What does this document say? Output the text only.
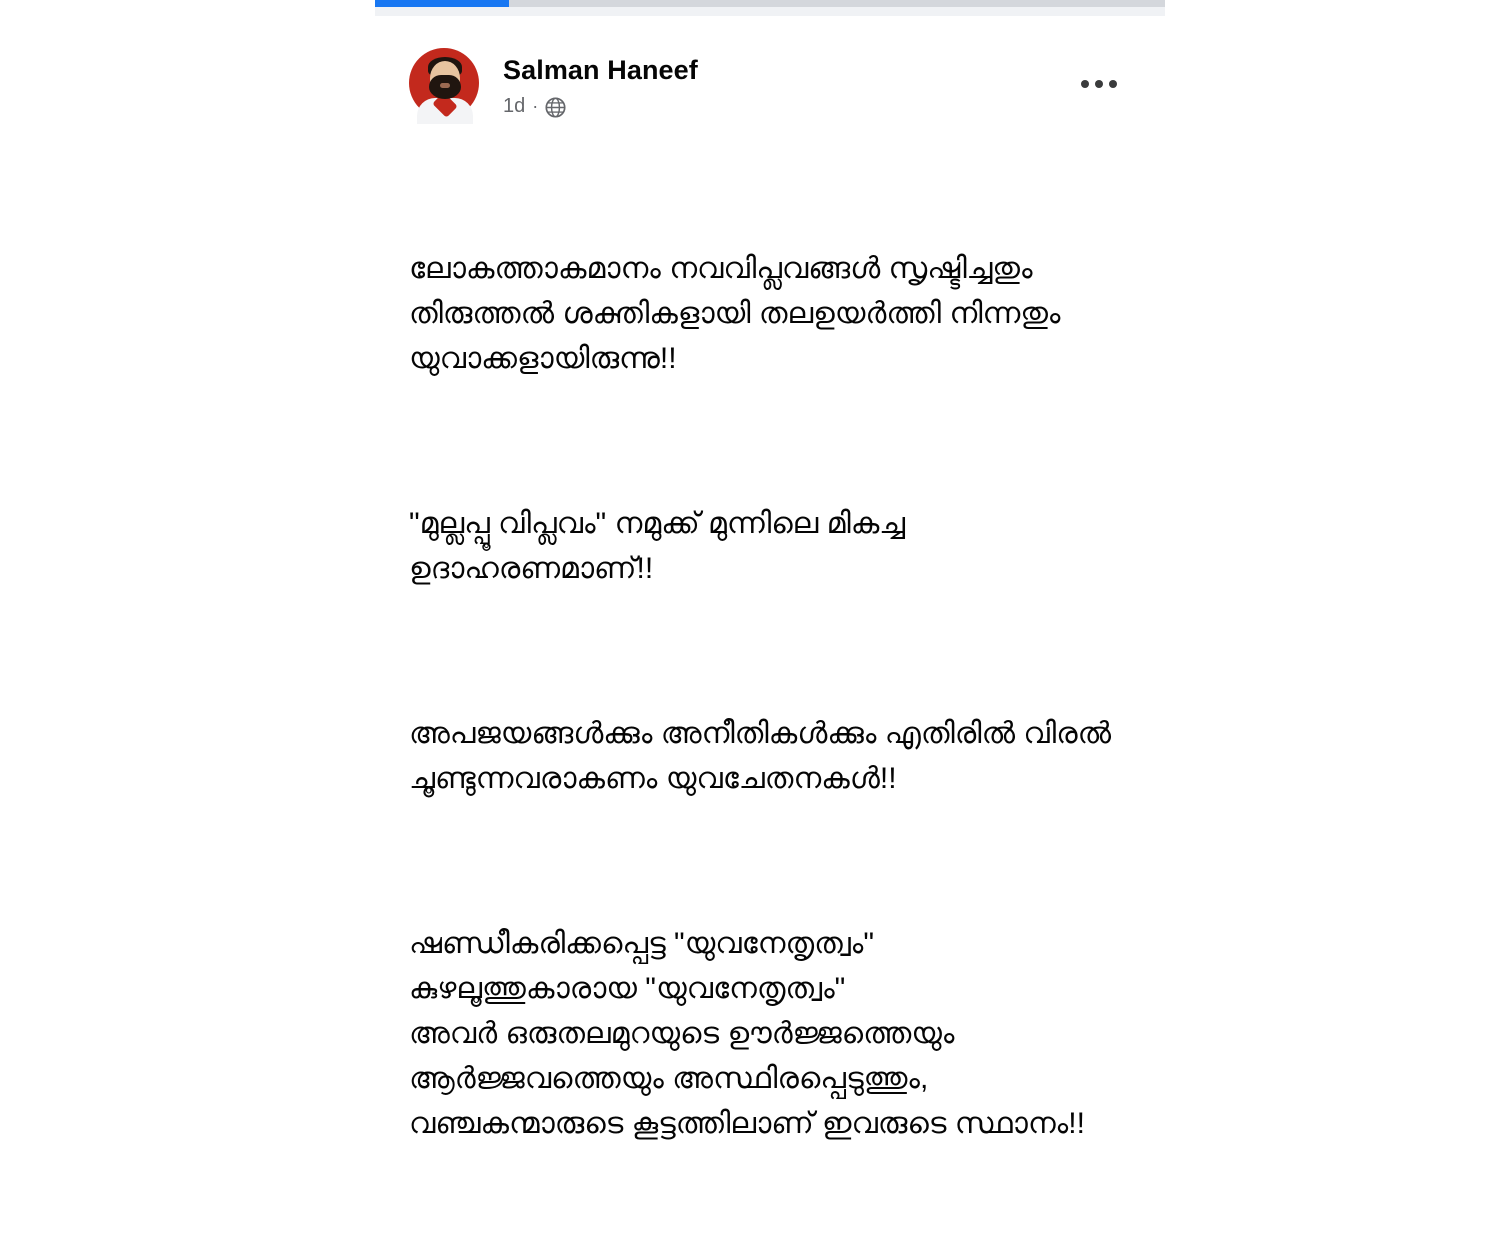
Salman Haneef
1d ·

ലോകത്താകമാനം നവവിപ്ലവങ്ങൾ സൃഷ്ടിച്ചതും തിരുത്തൽ ശക്തികളായി തലഉയർത്തി നിന്നതും യുവാക്കളായിരുന്നു!!

"മുല്ലപ്പൂ വിപ്ലവം" നമുക്ക് മുന്നിലെ മികച്ച ഉദാഹരണമാണ്!!

അപജയങ്ങൾക്കും അനീതികൾക്കും എതിരിൽ വിരൽ ചൂണ്ടുന്നവരാകണം യുവചേതനകൾ!!

ഷണ്ഡീകരിക്കപ്പെട്ട "യുവനേതൃത്വം"
കുഴലൂത്തുകാരായ "യുവനേതൃത്വം"
അവർ ഒരുതലമുറയുടെ ഊർജ്ജത്തെയും ആർജ്ജവത്തെയും അസ്ഥിരപ്പെടുത്തും, വഞ്ചകന്മാരുടെ കൂട്ടത്തിലാണ് ഇവരുടെ സ്ഥാനം!!
